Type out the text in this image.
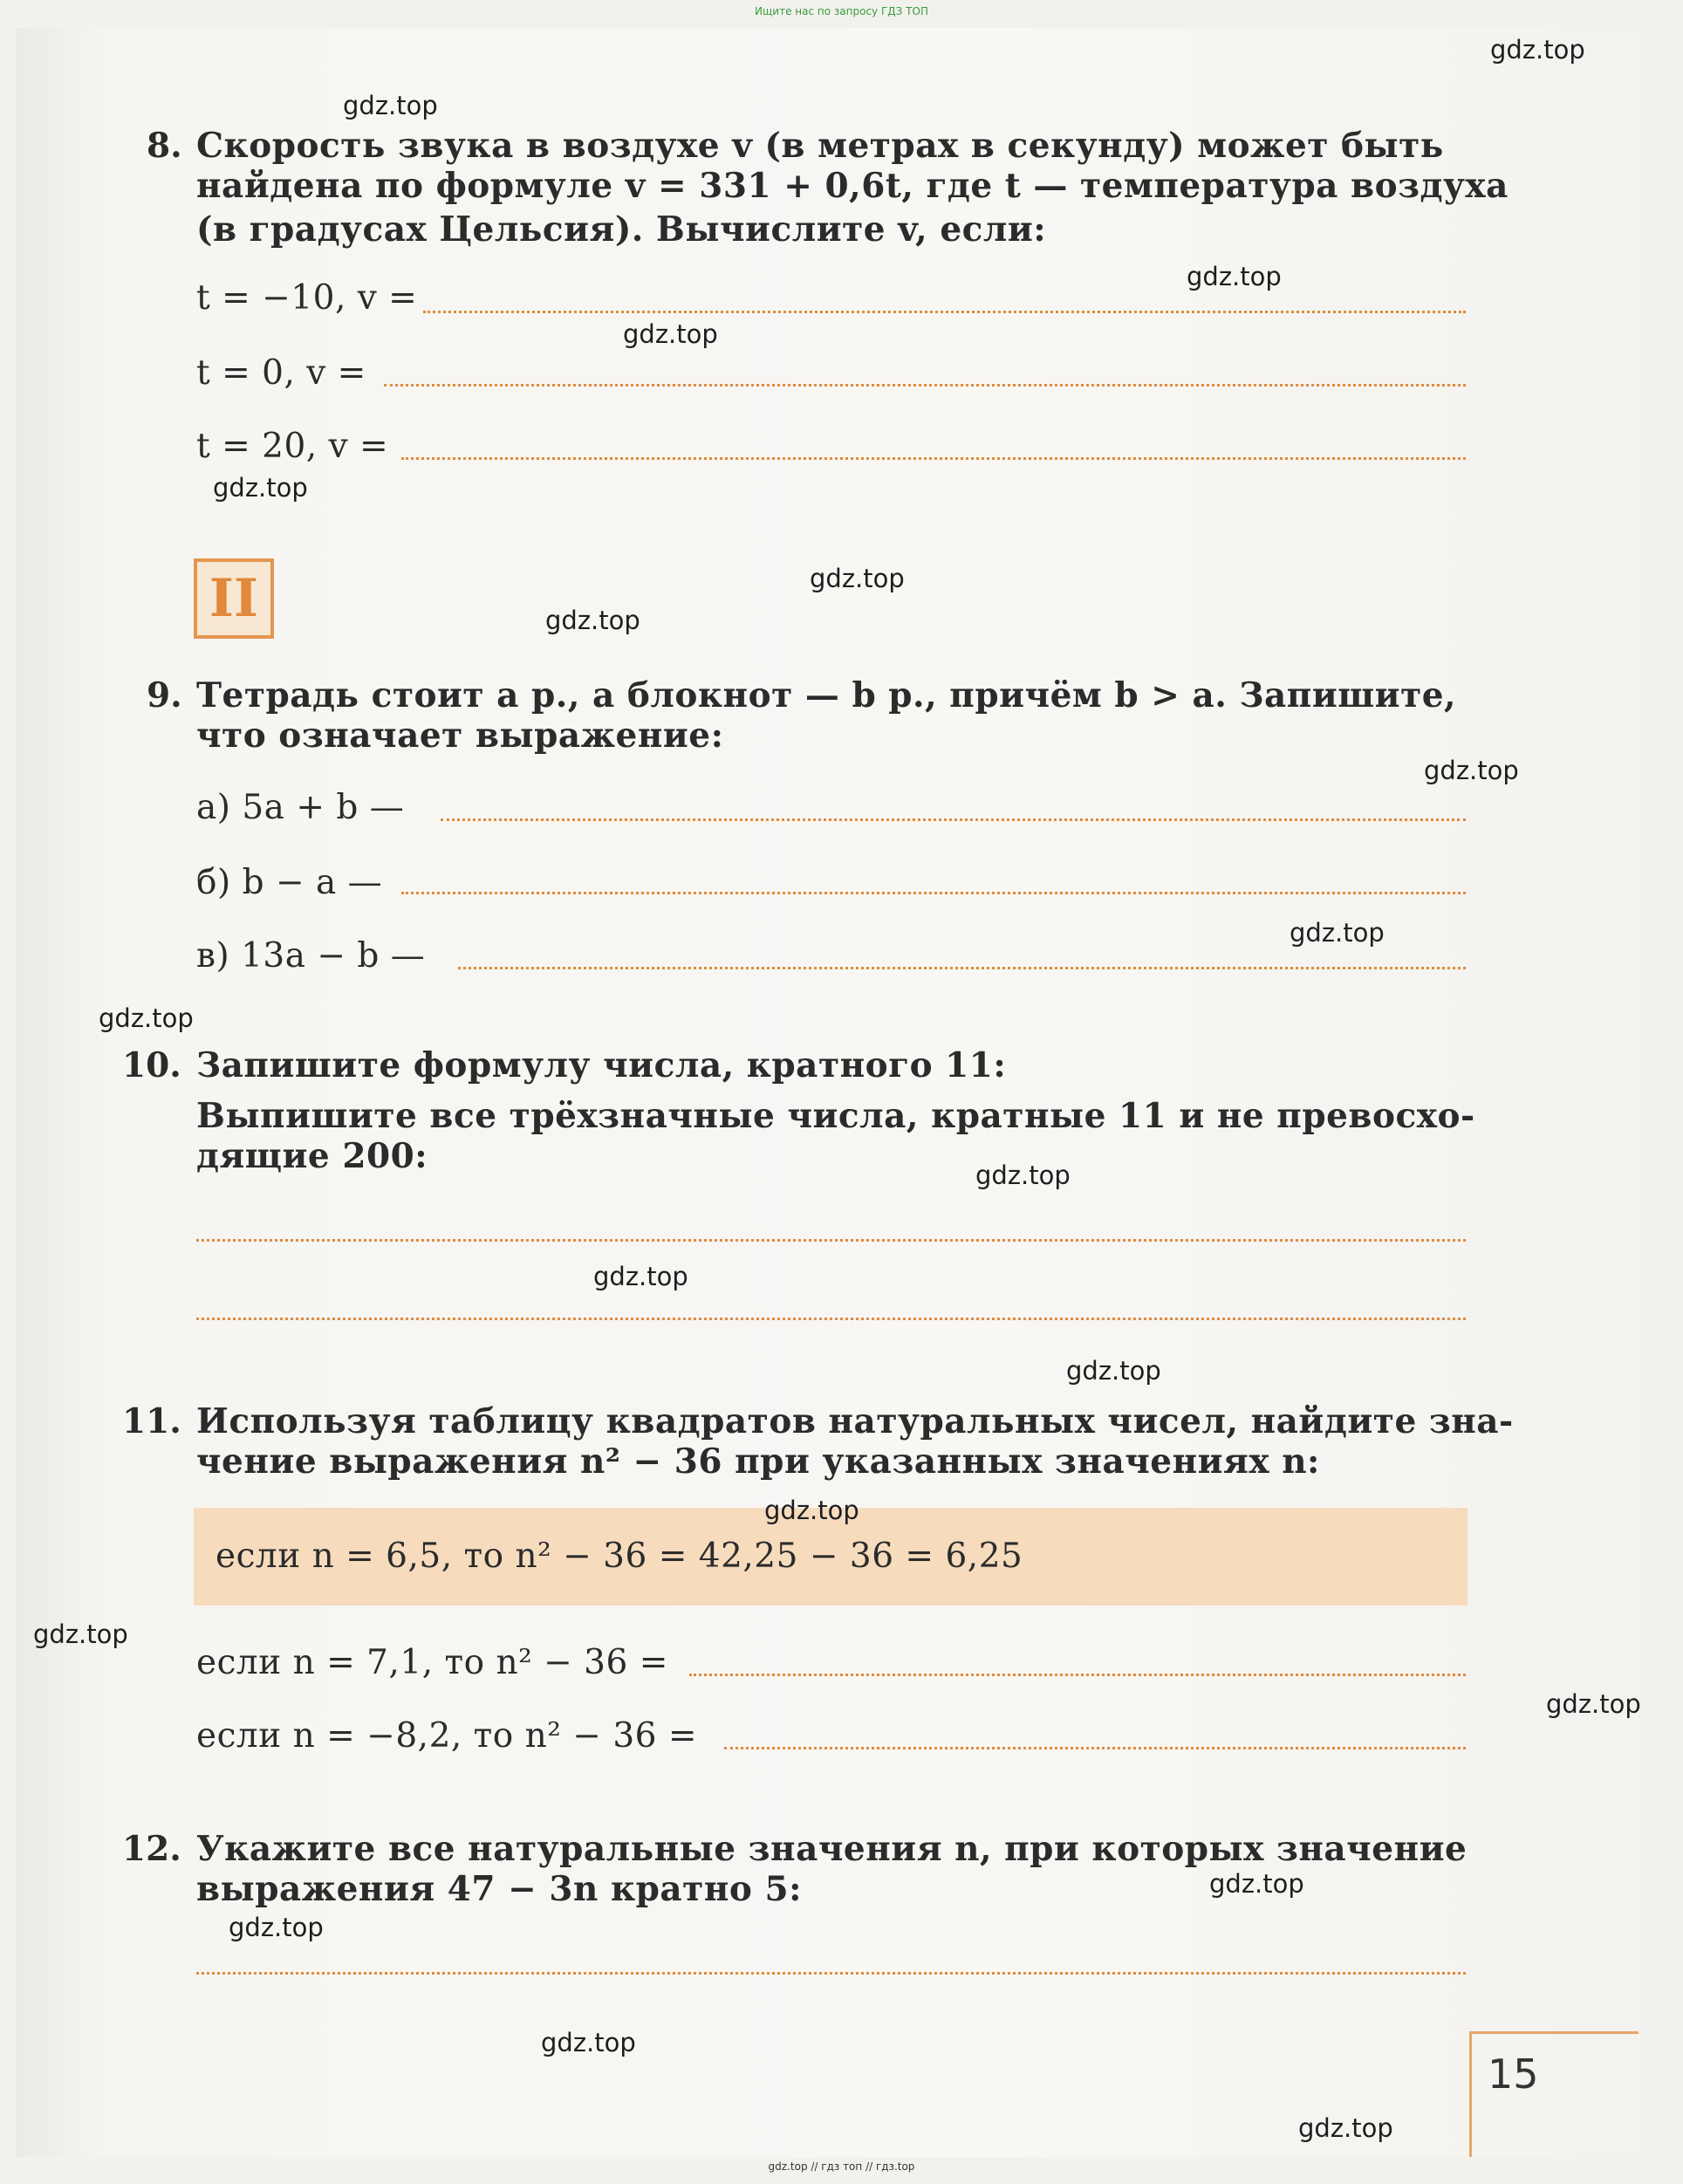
Ищите нас по запросу ГДЗ ТОП
8. Скорость звука в воздухе v (в метрах в секунду) может быть
найдена по формуле v = 331 + 0,6t, где t — температура воздуха
(в градусах Цельсия). Вычислите v, если:
t = −10, v =
t = 0, v =
t = 20, v =
II
9. Тетрадь стоит a р., а блокнот — b р., причём b > a. Запишите,
что означает выражение:
а) 5a + b —
б) b − a —
в) 13a − b —
10. Запишите формулу числа, кратного 11:
Выпишите все трёхзначные числа, кратные 11 и не превосхо-
дящие 200:
11. Используя таблицу квадратов натуральных чисел, найдите зна-
чение выражения n² − 36 при указанных значениях n:
если n = 6,5, то n² − 36 = 42,25 − 36 = 6,25
если n = 7,1, то n² − 36 =
если n = −8,2, то n² − 36 =
12. Укажите все натуральные значения n, при которых значение
выражения 47 − 3n кратно 5:
15
gdz.top
gdz.top
gdz.top
gdz.top
gdz.top
gdz.top
gdz.top
gdz.top
gdz.top
gdz.top
gdz.top
gdz.top
gdz.top
gdz.top
gdz.top
gdz.top
gdz.top
gdz.top
gdz.top
gdz.top
gdz.top // гдз топ // гдз.top
